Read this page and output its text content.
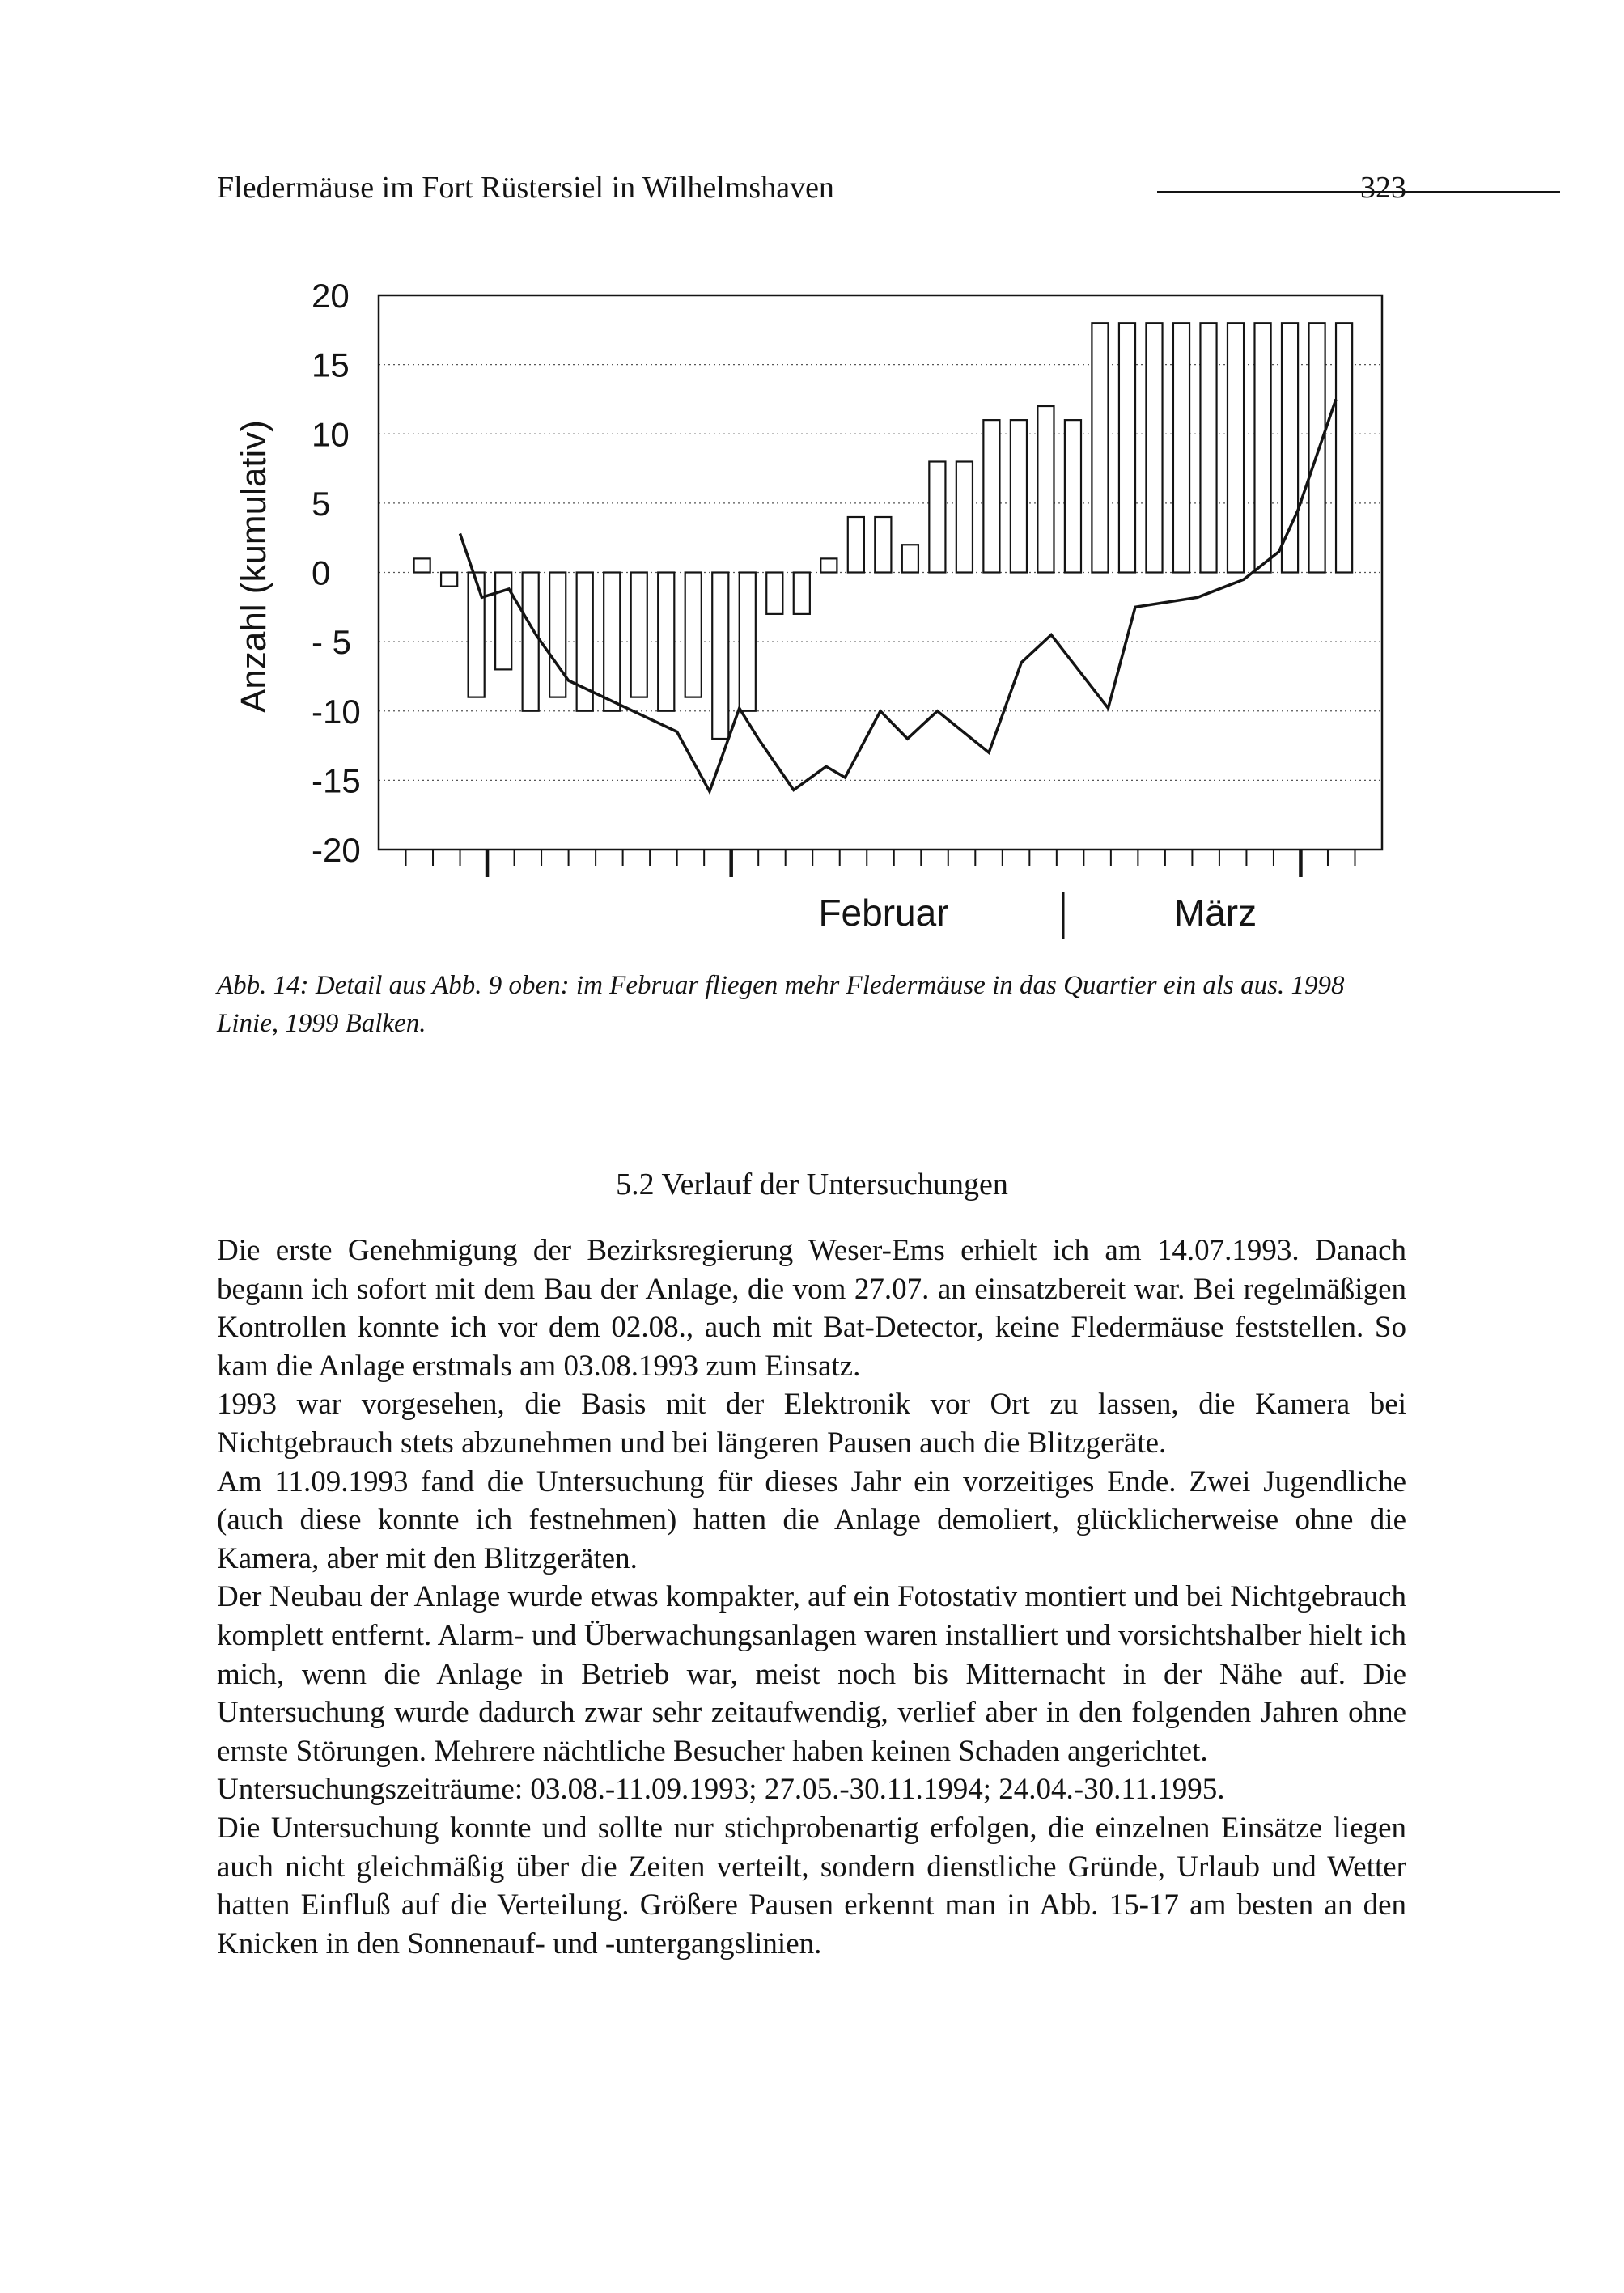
Fledermäuse im Fort Rüstersiel in Wilhelmshaven	323
20
15
10
5
0
- 5
-10
-15
-20
Anzahl (kumulativ)
Februar	März
Abb. 14: Detail aus Abb. 9 oben: im Februar fliegen mehr Fledermäuse in das Quartier ein als aus. 1998 Linie, 1999 Balken.
5.2 Verlauf der Untersuchungen

Die erste Genehmigung der Bezirksregierung Weser-Ems erhielt ich am 14.07.1993. Danach begann ich sofort mit dem Bau der Anlage, die vom 27.07. an einsatzbereit war. Bei regelmäßigen Kontrollen konnte ich vor dem 02.08., auch mit Bat-Detector, keine Fledermäuse feststellen. So kam die Anlage erstmals am 03.08.1993 zum Einsatz.

1993 war vorgesehen, die Basis mit der Elektronik vor Ort zu lassen, die Kamera bei Nichtgebrauch stets abzunehmen und bei längeren Pausen auch die Blitzgeräte.

Am 11.09.1993 fand die Untersuchung für dieses Jahr ein vorzeitiges Ende. Zwei Jugendliche (auch diese konnte ich festnehmen) hatten die Anlage demoliert, glücklicherweise ohne die Kamera, aber mit den Blitzgeräten.

Der Neubau der Anlage wurde etwas kompakter, auf ein Fotostativ montiert und bei Nichtgebrauch komplett entfernt. Alarm- und Überwachungsanlagen waren installiert und vorsichtshalber hielt ich mich, wenn die Anlage in Betrieb war, meist noch bis Mitternacht in der Nähe auf. Die Untersuchung wurde dadurch zwar sehr zeitaufwendig, verlief aber in den folgenden Jahren ohne ernste Störungen. Mehrere nächtliche Besucher haben keinen Schaden angerichtet.

Untersuchungszeiträume: 03.08.-11.09.1993; 27.05.-30.11.1994; 24.04.-30.11.1995.

Die Untersuchung konnte und sollte nur stichprobenartig erfolgen, die einzelnen Einsätze liegen auch nicht gleichmäßig über die Zeiten verteilt, sondern dienstliche Gründe, Urlaub und Wetter hatten Einfluß auf die Verteilung. Größere Pausen erkennt man in Abb. 15-17 am besten an den Knicken in den Sonnenauf- und -untergangslinien.
